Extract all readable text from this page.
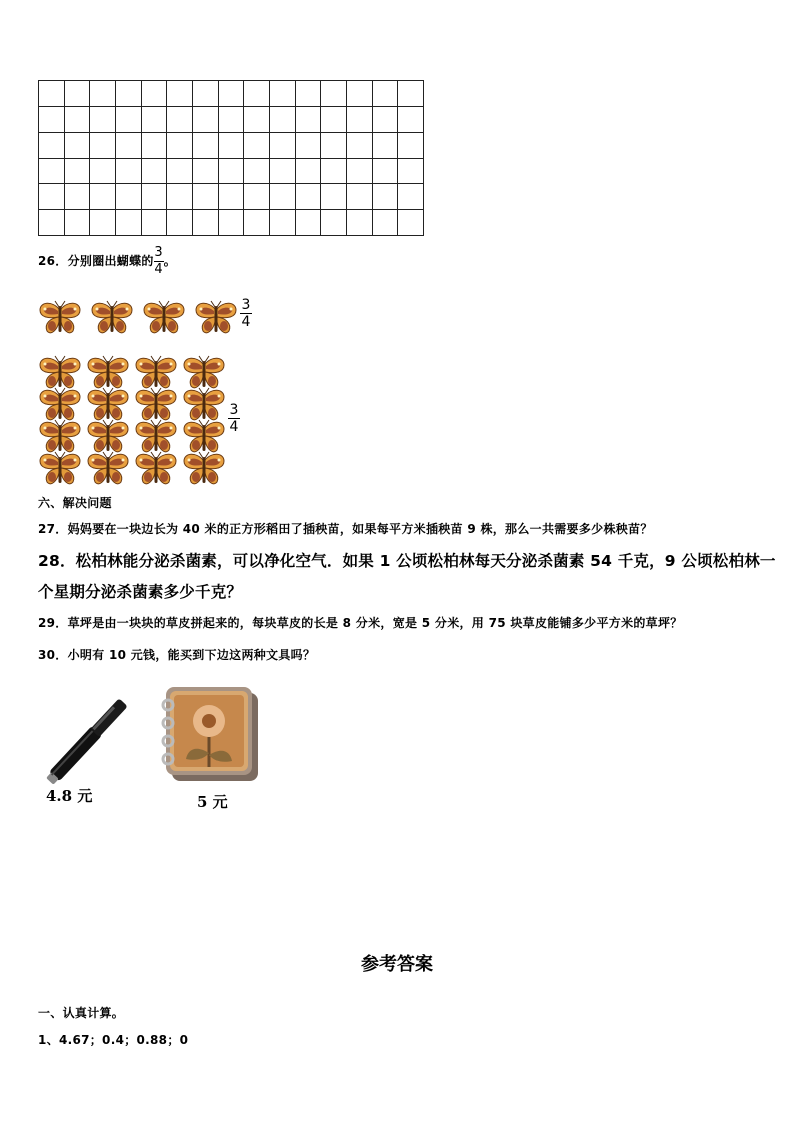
26．分别圈出蝴蝶的 $\frac{3}{4}$ 。
3
4
3
4
六、解决问题
27．妈妈要在一块边长为 40 米的正方形稻田了插秧苗，如果每平方米插秧苗 9 株，那么一共需要多少株秧苗？
28．松柏林能分泌杀菌素，可以净化空气．如果 1 公顷松柏林每天分泌杀菌素 54 千克，9 公顷松柏林一
个星期分泌杀菌素多少千克？
29．草坪是由一块块的草皮拼起来的，每块草皮的长是 8 分米，宽是 5 分米，用 75 块草皮能铺多少平方米的草坪？
30．小明有 10 元钱，能买到下边这两种文具吗？
4.8 元	5 元
参考答案
一、认真计算。
1、4.67；0.4；0.88；0
